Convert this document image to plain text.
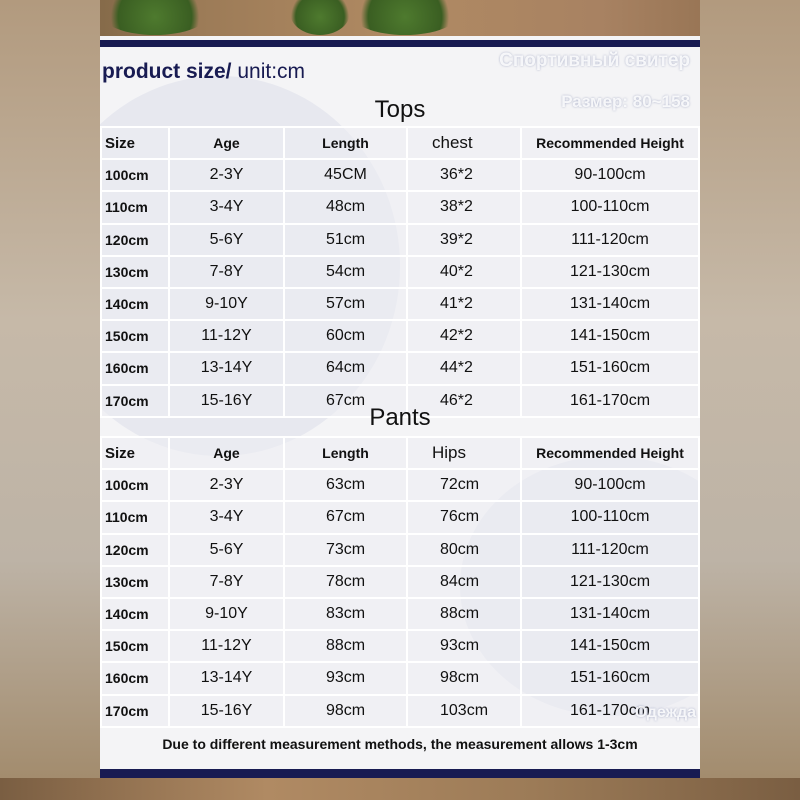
Спортивный свитер
Размер: 80~158
product size/ unit:cm
Tops
Size	Age	Length	chest	Recommended Height
100cm	2-3Y	45CM	36*2	90-100cm
110cm	3-4Y	48cm	38*2	100-110cm
120cm	5-6Y	51cm	39*2	111-120cm
130cm	7-8Y	54cm	40*2	121-130cm
140cm	9-10Y	57cm	41*2	131-140cm
150cm	11-12Y	60cm	42*2	141-150cm
160cm	13-14Y	64cm	44*2	151-160cm
170cm	15-16Y	67cm	46*2	161-170cm
Pants
Size	Age	Length	Hips	Recommended Height
100cm	2-3Y	63cm	72cm	90-100cm
110cm	3-4Y	67cm	76cm	100-110cm
120cm	5-6Y	73cm	80cm	111-120cm
130cm	7-8Y	78cm	84cm	121-130cm
140cm	9-10Y	83cm	88cm	131-140cm
150cm	11-12Y	88cm	93cm	141-150cm
160cm	13-14Y	93cm	98cm	151-160cm
170cm	15-16Y	98cm	103cm	161-170cm
Одежда
Due to different measurement methods, the measurement allows 1-3cm
